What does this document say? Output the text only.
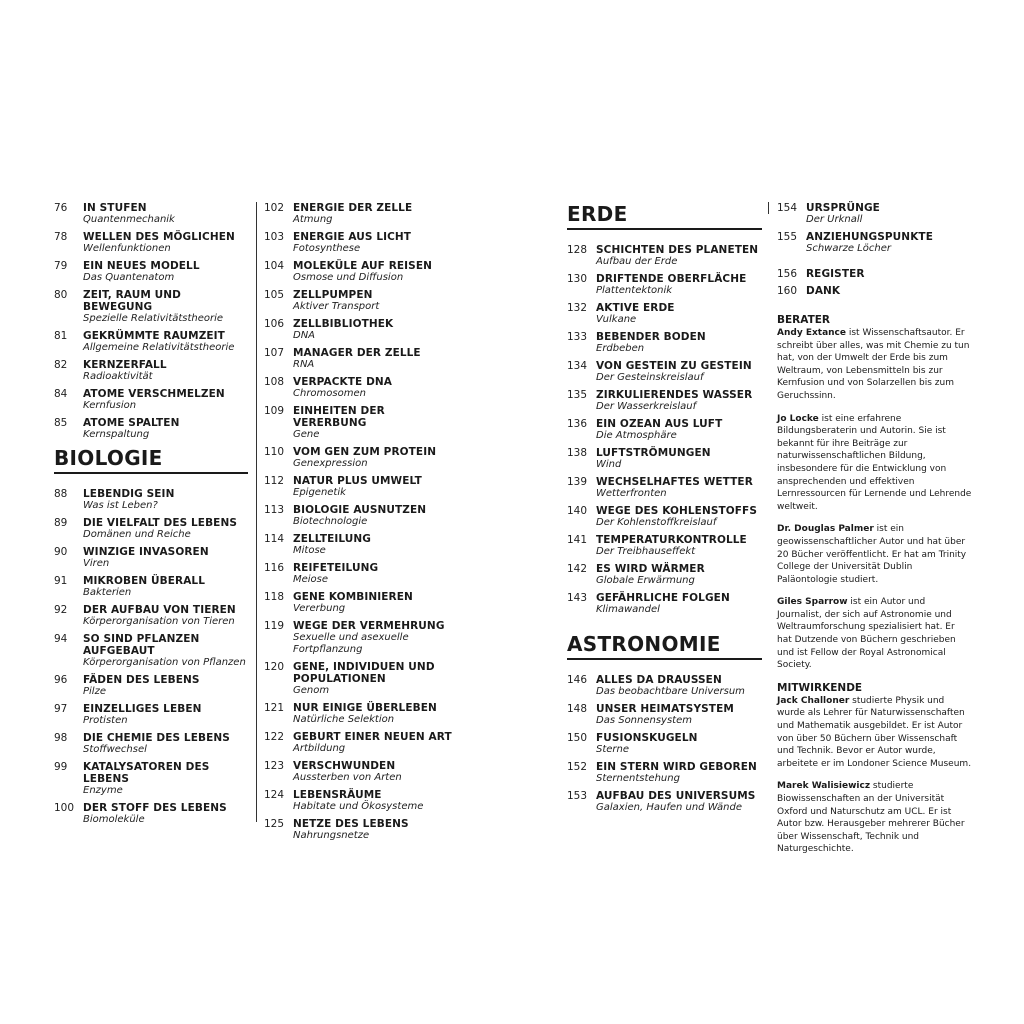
76	IN STUFEN
Quantenmechanik
78	WELLEN DES MÖGLICHEN
Wellenfunktionen
79	EIN NEUES MODELL
Das Quantenatom
80	ZEIT, RAUM UND BEWEGUNG
Spezielle Relativitätstheorie
81	GEKRÜMMTE RAUMZEIT
Allgemeine Relativitätstheorie
82	KERNZERFALL
Radioaktivität
84	ATOME VERSCHMELZEN
Kernfusion
85	ATOME SPALTEN
Kernspaltung
BIOLOGIE
88	LEBENDIG SEIN
Was ist Leben?
89	DIE VIELFALT DES LEBENS
Domänen und Reiche
90	WINZIGE INVASOREN
Viren
91	MIKROBEN ÜBERALL
Bakterien
92	DER AUFBAU VON TIEREN
Körperorganisation von Tieren
94	SO SIND PFLANZEN AUFGEBAUT
Körperorganisation von Pflanzen
96	FÄDEN DES LEBENS
Pilze
97	EINZELLIGES LEBEN
Protisten
98	DIE CHEMIE DES LEBENS
Stoffwechsel
99	KATALYSATOREN DES LEBENS
Enzyme
100 DER STOFF DES LEBENS
Biomoleküle
102 ENERGIE DER ZELLE
Atmung
103 ENERGIE AUS LICHT
Fotosynthese
104 MOLEKÜLE AUF REISEN
Osmose und Diffusion
105 ZELLPUMPEN
Aktiver Transport
106 ZELLBIBLIOTHEK
DNA
107 MANAGER DER ZELLE
RNA
108 VERPACKTE DNA
Chromosomen
109 EINHEITEN DER VERERBUNG
Gene
110 VOM GEN ZUM PROTEIN
Genexpression
112 NATUR PLUS UMWELT
Epigenetik
113 BIOLOGIE AUSNUTZEN
Biotechnologie
114 ZELLTEILUNG
Mitose
116 REIFETEILUNG
Meiose
118 GENE KOMBINIEREN
Vererbung
119 WEGE DER VERMEHRUNG
Sexuelle und asexuelle Fortpflanzung
120 GENE, INDIVIDUEN UND POPULATIONEN
Genom
121 NUR EINIGE ÜBERLEBEN
Natürliche Selektion
122 GEBURT EINER NEUEN ART
Artbildung
123 VERSCHWUNDEN
Aussterben von Arten
124 LEBENSRÄUME
Habitate und Ökosysteme
125 NETZE DES LEBENS
Nahrungsnetze
ERDE
128 SCHICHTEN DES PLANETEN
Aufbau der Erde
130 DRIFTENDE OBERFLÄCHE
Plattentektonik
132 AKTIVE ERDE
Vulkane
133 BEBENDER BODEN
Erdbeben
134 VON GESTEIN ZU GESTEIN
Der Gesteinskreislauf
135 ZIRKULIERENDES WASSER
Der Wasserkreislauf
136 EIN OZEAN AUS LUFT
Die Atmosphäre
138 LUFTSTRÖMUNGEN
Wind
139 WECHSELHAFTES WETTER
Wetterfronten
140 WEGE DES KOHLENSTOFFS
Der Kohlenstoffkreislauf
141 TEMPERATURKONTROLLE
Der Treibhauseffekt
142 ES WIRD WÄRMER
Globale Erwärmung
143 GEFÄHRLICHE FOLGEN
Klimawandel
ASTRONOMIE
146 ALLES DA DRAUSSEN
Das beobachtbare Universum
148 UNSER HEIMATSYSTEM
Das Sonnensystem
150 FUSIONSKUGELN
Sterne
152 EIN STERN WIRD GEBOREN
Sternentstehung
153 AUFBAU DES UNIVERSUMS
Galaxien, Haufen und Wände
154 URSPRÜNGE
Der Urknall
155 ANZIEHUNGSPUNKTE
Schwarze Löcher
156 REGISTER
160 DANK
BERATER

Andy Extance ist Wissenschaftsautor. Er schreibt über alles, was mit Chemie zu tun hat, von der Umwelt der Erde bis zum Weltraum, von Lebensmitteln bis zur Kernfusion und von Solarzellen bis zum Geruchssinn.

Jo Locke ist eine erfahrene Bildungsberaterin und Autorin. Sie ist bekannt für ihre Beiträge zur naturwissenschaftlichen Bildung, insbesondere für die Entwicklung von ansprechenden und effektiven Lernressourcen für Lernende und Lehrende weltweit.

Dr. Douglas Palmer ist ein geowissenschaftlicher Autor und hat über 20 Bücher veröffentlicht. Er hat am Trinity College der Universität Dublin Paläontologie studiert.

Giles Sparrow ist ein Autor und Journalist, der sich auf Astronomie und Weltraumforschung spezialisiert hat. Er hat Dutzende von Büchern geschrieben und ist Fellow der Royal Astronomical Society.

MITWIRKENDE

Jack Challoner studierte Physik und wurde als Lehrer für Naturwissenschaften und Mathematik ausgebildet. Er ist Autor von über 50 Büchern über Wissenschaft und Technik. Bevor er Autor wurde, arbeitete er im Londoner Science Museum.

Marek Walisiewicz studierte Biowissenschaften an der Universität Oxford und Naturschutz am UCL. Er ist Autor bzw. Herausgeber mehrerer Bücher über Wissenschaft, Technik und Naturgeschichte.
